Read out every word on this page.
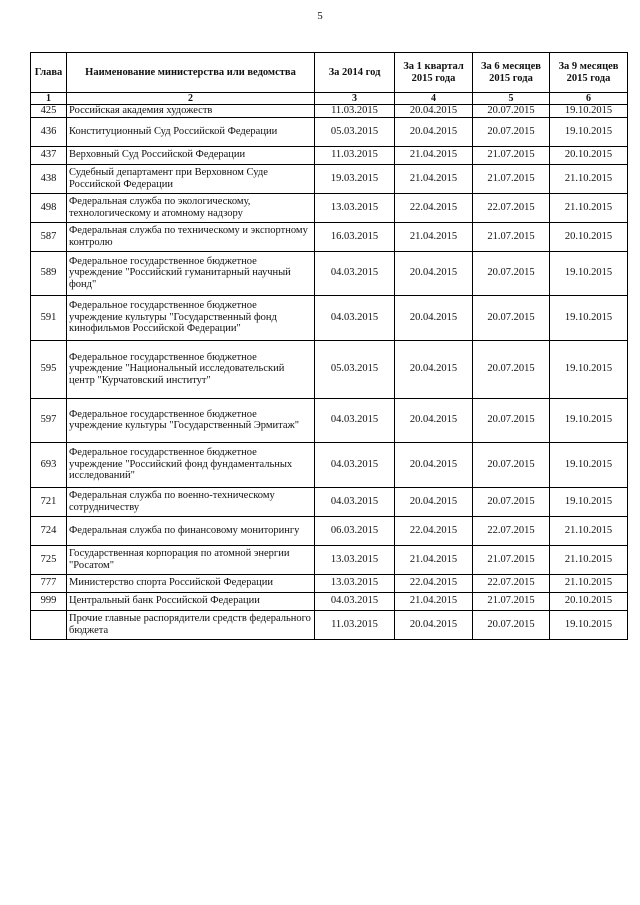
5
Глава	Наименование министерства или ведомства	За 2014 год	За 1 квартал 2015 года	За 6 месяцев 2015 года	За 9 месяцев 2015 года
1	2	3	4	5	6
425	Российская академия художеств	11.03.2015	20.04.2015	20.07.2015	19.10.2015
436	Конституционный Суд Российской Федерации	05.03.2015	20.04.2015	20.07.2015	19.10.2015
437	Верховный Суд Российской Федерации	11.03.2015	21.04.2015	21.07.2015	20.10.2015
438	Судебный департамент при Верховном Суде Российской Федерации	19.03.2015	21.04.2015	21.07.2015	21.10.2015
498	Федеральная служба по экологическому, технологическому и атомному надзору	13.03.2015	22.04.2015	22.07.2015	21.10.2015
587	Федеральная служба по техническому и экспортному контролю	16.03.2015	21.04.2015	21.07.2015	20.10.2015
589	Федеральное государственное бюджетное учреждение "Российский гуманитарный научный фонд"	04.03.2015	20.04.2015	20.07.2015	19.10.2015
591	Федеральное государственное бюджетное учреждение культуры "Государственный фонд кинофильмов Российской Федерации"	04.03.2015	20.04.2015	20.07.2015	19.10.2015
595	Федеральное государственное бюджетное учреждение "Национальный исследовательский центр "Курчатовский институт"	05.03.2015	20.04.2015	20.07.2015	19.10.2015
597	Федеральное государственное бюджетное учреждение культуры "Государственный Эрмитаж"	04.03.2015	20.04.2015	20.07.2015	19.10.2015
693	Федеральное государственное бюджетное учреждение "Российский фонд фундаментальных исследований"	04.03.2015	20.04.2015	20.07.2015	19.10.2015
721	Федеральная служба по военно-техническому сотрудничеству	04.03.2015	20.04.2015	20.07.2015	19.10.2015
724	Федеральная служба по финансовому мониторингу	06.03.2015	22.04.2015	22.07.2015	21.10.2015
725	Государственная корпорация по атомной энергии "Росатом"	13.03.2015	21.04.2015	21.07.2015	21.10.2015
777	Министерство спорта Российской Федерации	13.03.2015	22.04.2015	22.07.2015	21.10.2015
999	Центральный банк Российской Федерации	04.03.2015	21.04.2015	21.07.2015	20.10.2015
	Прочие главные распорядители средств федерального бюджета	11.03.2015	20.04.2015	20.07.2015	19.10.2015
